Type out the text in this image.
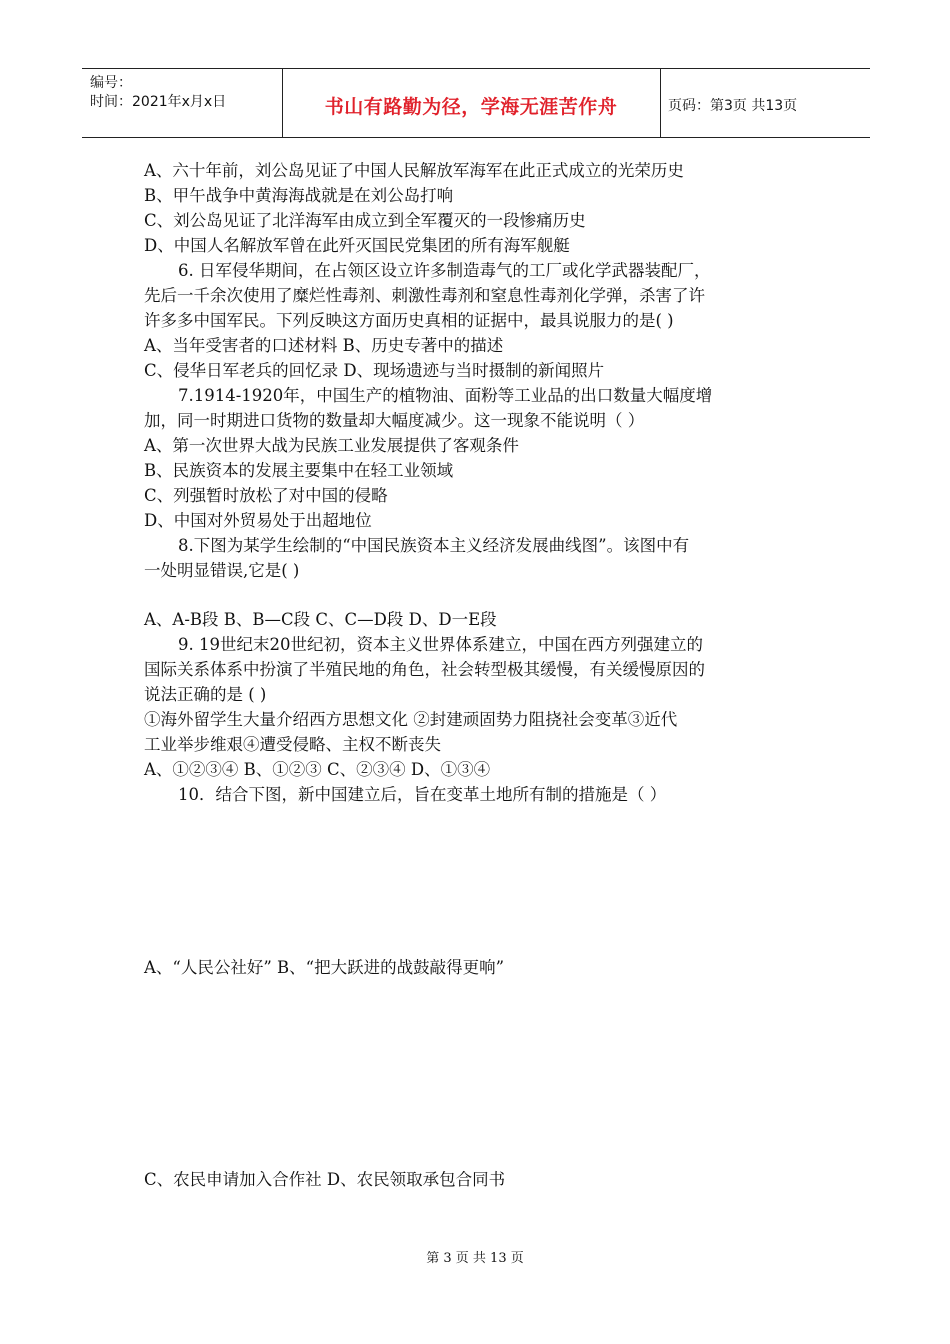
编号：
时间：2021年x月x日	书山有路勤为径，学海无涯苦作舟	页码：第3页 共13页
A、六十年前，刘公岛见证了中国人民解放军海军在此正式成立的光荣历史
B、甲午战争中黄海海战就是在刘公岛打响
C、刘公岛见证了北洋海军由成立到全军覆灭的一段惨痛历史
D、中国人名解放军曾在此歼灭国民党集团的所有海军舰艇
6. 日军侵华期间，在占领区设立许多制造毒气的工厂或化学武器装配厂，
先后一千余次使用了糜烂性毒剂、刺激性毒剂和窒息性毒剂化学弹，杀害了许
许多多中国军民。下列反映这方面历史真相的证据中，最具说服力的是( )
A、当年受害者的口述材料 B、历史专著中的描述
C、侵华日军老兵的回忆录 D、现场遗迹与当时摄制的新闻照片
7.1914-1920年，中国生产的植物油、面粉等工业品的出口数量大幅度增
加，同一时期进口货物的数量却大幅度减少。这一现象不能说明（ ）
A、第一次世界大战为民族工业发展提供了客观条件
B、民族资本的发展主要集中在轻工业领域
C、列强暂时放松了对中国的侵略
D、中国对外贸易处于出超地位
8.下图为某学生绘制的“中国民族资本主义经济发展曲线图”。该图中有
一处明显错误,它是( )
A、A-B段 B、B—C段 C、C—D段 D、D一E段
9. 19世纪末20世纪初，资本主义世界体系建立，中国在西方列强建立的
国际关系体系中扮演了半殖民地的角色，社会转型极其缓慢，有关缓慢原因的
说法正确的是 ( )
①海外留学生大量介绍西方思想文化 ②封建顽固势力阻挠社会变革③近代
工业举步维艰④遭受侵略、主权不断丧失
A、①②③④ B、①②③ C、②③④ D、①③④
10．结合下图，新中国建立后，旨在变革土地所有制的措施是（ ）
A、“人民公社好” B、“把大跃进的战鼓敲得更响”
C、农民申请加入合作社 D、农民领取承包合同书
第 3 页 共 13 页
